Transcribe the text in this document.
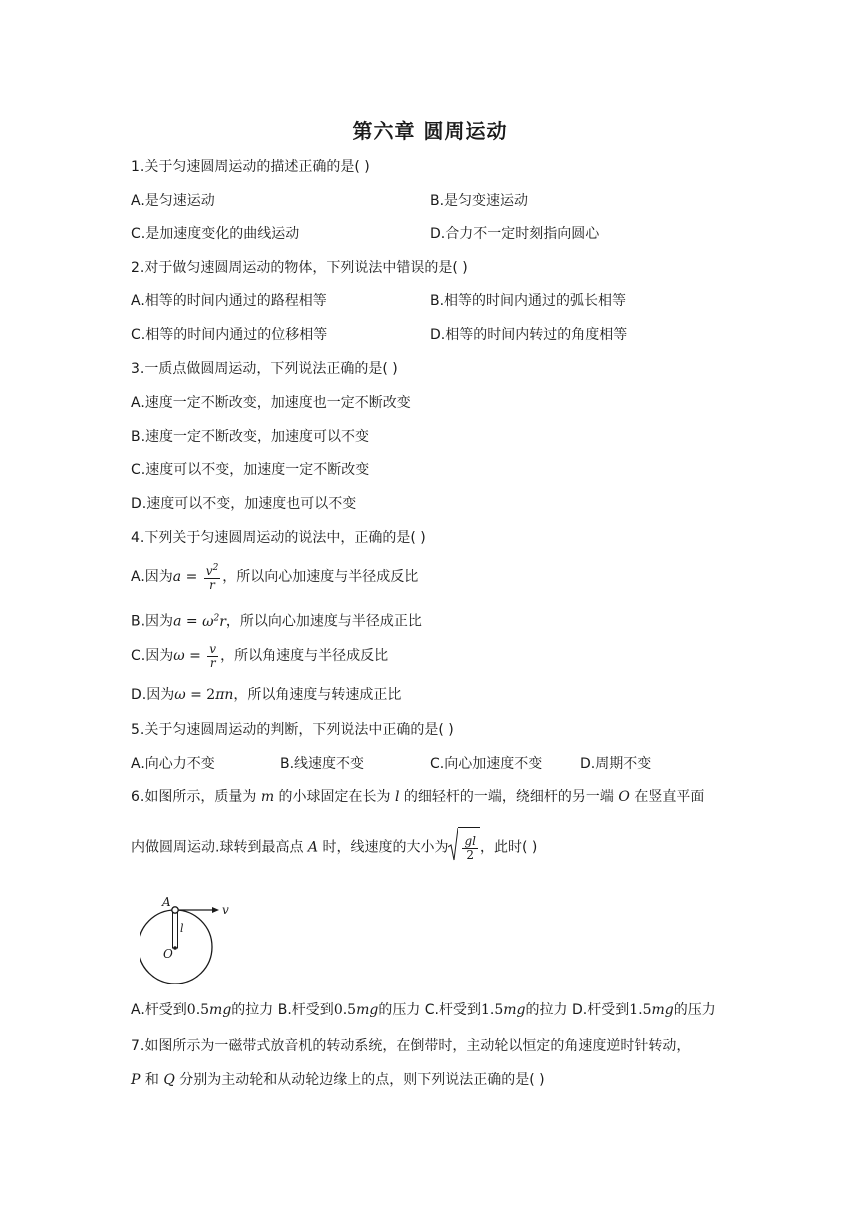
第六章 圆周运动
1.关于匀速圆周运动的描述正确的是( )
A.是匀速运动	B.是匀变速运动
C.是加速度变化的曲线运动	D.合力不一定时刻指向圆心
2.对于做匀速圆周运动的物体，下列说法中错误的是( )
A.相等的时间内通过的路程相等	B.相等的时间内通过的弧长相等
C.相等的时间内通过的位移相等	D.相等的时间内转过的角度相等
3.一质点做圆周运动，下列说法正确的是( )
A.速度一定不断改变，加速度也一定不断改变
B.速度一定不断改变，加速度可以不变
C.速度可以不变，加速度一定不断改变
D.速度可以不变，加速度也可以不变
4.下列关于匀速圆周运动的说法中，正确的是( )
A.因为$a = \frac{v^2}{r}$ ，所以向心加速度与半径成反比
B.因为$a = \omega^2r$，所以向心加速度与半径成正比
C.因为$\omega = \frac{v}{r}$ ，所以角速度与半径成反比
D.因为ω = 2πn，所以角速度与转速成正比
5.关于匀速圆周运动的判断，下列说法中正确的是( )
A.向心力不变	B.线速度不变	C.向心加速度不变	D.周期不变
6.如图所示，质量为 m 的小球固定在长为 l 的细轻杆的一端，绕细杆的另一端 O 在竖直平面
内做圆周运动.球转到最高点 A 时，线速度的大小为 $\frac{gl}{2}$ ，此时( )
A
v
l
O
A.杆受到0.5mg的拉力 B.杆受到0.5mg的压力 C.杆受到1.5mg的拉力 D.杆受到1.5mg的压力
7.如图所示为一磁带式放音机的转动系统，在倒带时，主动轮以恒定的角速度逆时针转动，
P 和 Q 分别为主动轮和从动轮边缘上的点，则下列说法正确的是( )
